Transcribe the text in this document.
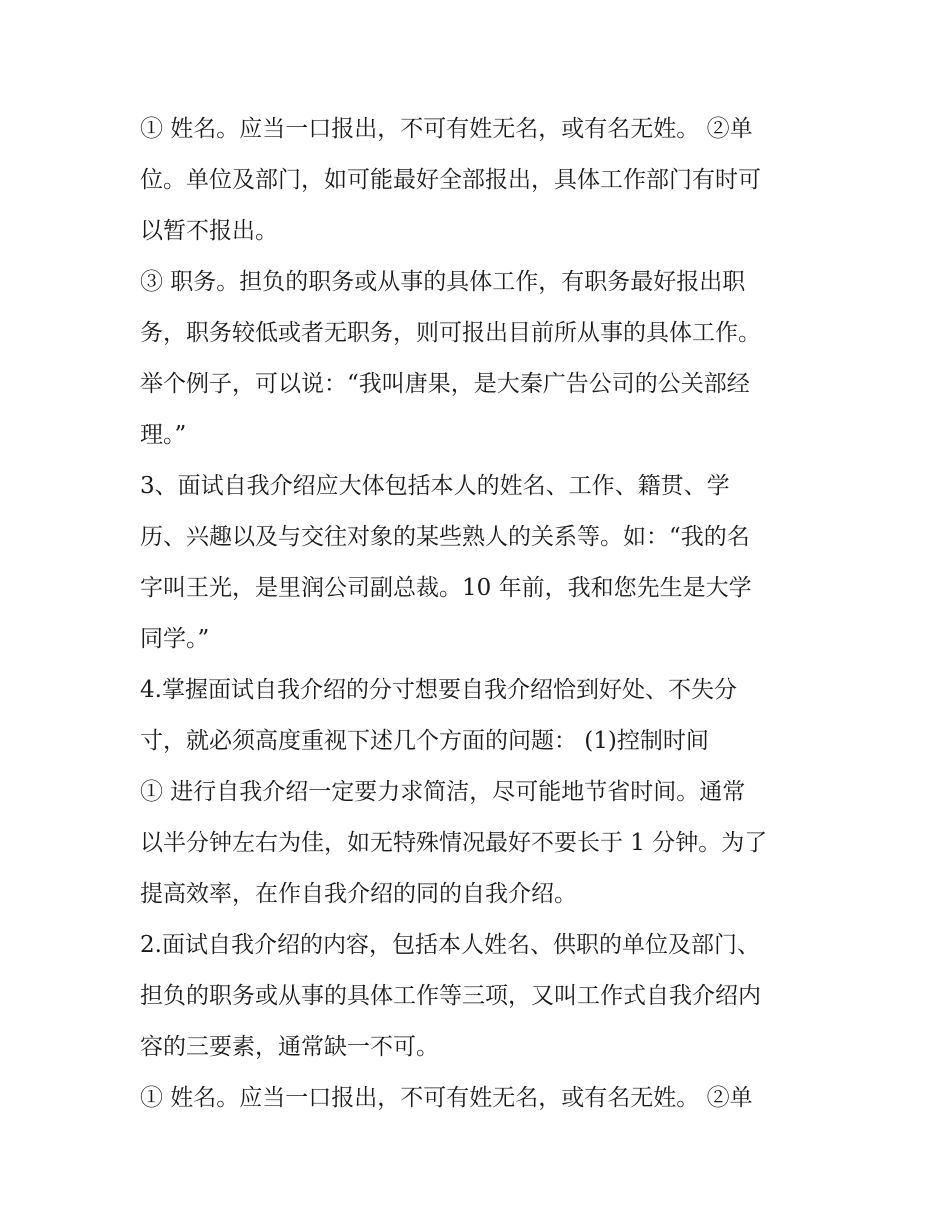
① 姓名。应当一口报出，不可有姓无名，或有名无姓。 ②单
位。单位及部门，如可能最好全部报出，具体工作部门有时可
以暂不报出。
③ 职务。担负的职务或从事的具体工作，有职务最好报出职
务，职务较低或者无职务，则可报出目前所从事的具体工作。
举个例子，可以说：“我叫唐果，是大秦广告公司的公关部经
理。”
3、面试自我介绍应大体包括本人的姓名、工作、籍贯、学
历、兴趣以及与交往对象的某些熟人的关系等。如：“我的名
字叫王光，是里润公司副总裁。10 年前，我和您先生是大学
同学。”
4.掌握面试自我介绍的分寸想要自我介绍恰到好处、不失分
寸，就必须高度重视下述几个方面的问题： (1)控制时间
① 进行自我介绍一定要力求简洁，尽可能地节省时间。通常
以半分钟左右为佳，如无特殊情况最好不要长于 1 分钟。为了
提高效率，在作自我介绍的同的自我介绍。
2.面试自我介绍的内容，包括本人姓名、供职的单位及部门、
担负的职务或从事的具体工作等三项，又叫工作式自我介绍内
容的三要素，通常缺一不可。
① 姓名。应当一口报出，不可有姓无名，或有名无姓。 ②单
